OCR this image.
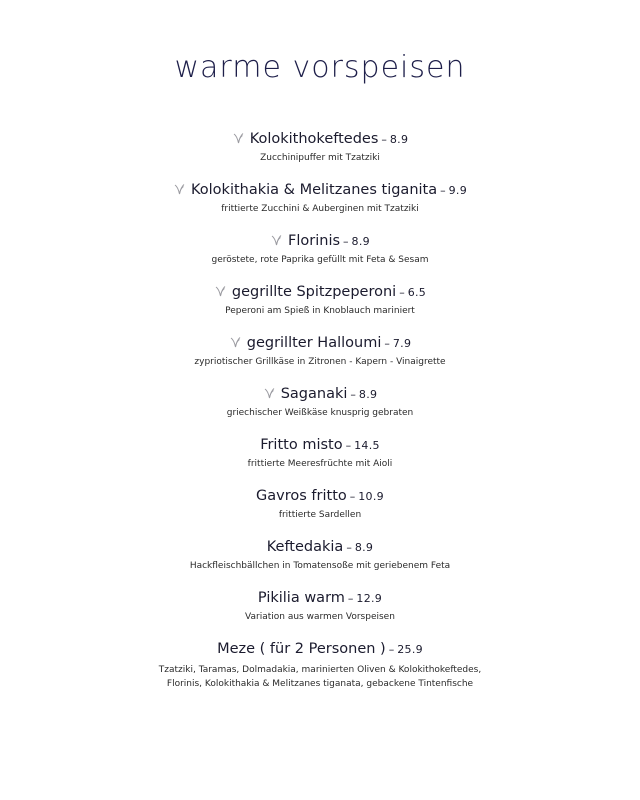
warme vorspeisen
Kolokithokeftedes – 8.9
Zucchinipuffer mit Tzatziki
Kolokithakia & Melitzanes tiganita – 9.9
frittierte Zucchini & Auberginen mit Tzatziki
Florinis – 8.9
geröstete, rote Paprika gefüllt mit Feta & Sesam
gegrillte Spitzpeperoni – 6.5
Peperoni am Spieß in Knoblauch mariniert
gegrillter Halloumi – 7.9
zypriotischer Grillkäse in Zitronen - Kapern - Vinaigrette
Saganaki – 8.9
griechischer Weißkäse knusprig gebraten
Fritto misto – 14.5
frittierte Meeresfrüchte mit Aioli
Gavros fritto – 10.9
frittierte Sardellen
Keftedakia – 8.9
Hackfleischbällchen in Tomatensoße mit geriebenem Feta
Pikilia warm – 12.9
Variation aus warmen Vorspeisen
Meze ( für 2 Personen ) – 25.9
Tzatziki, Taramas, Dolmadakia, marinierten Oliven & Kolokithokeftedes,
Florinis, Kolokithakia & Melitzanes tiganata, gebackene Tintenfische
